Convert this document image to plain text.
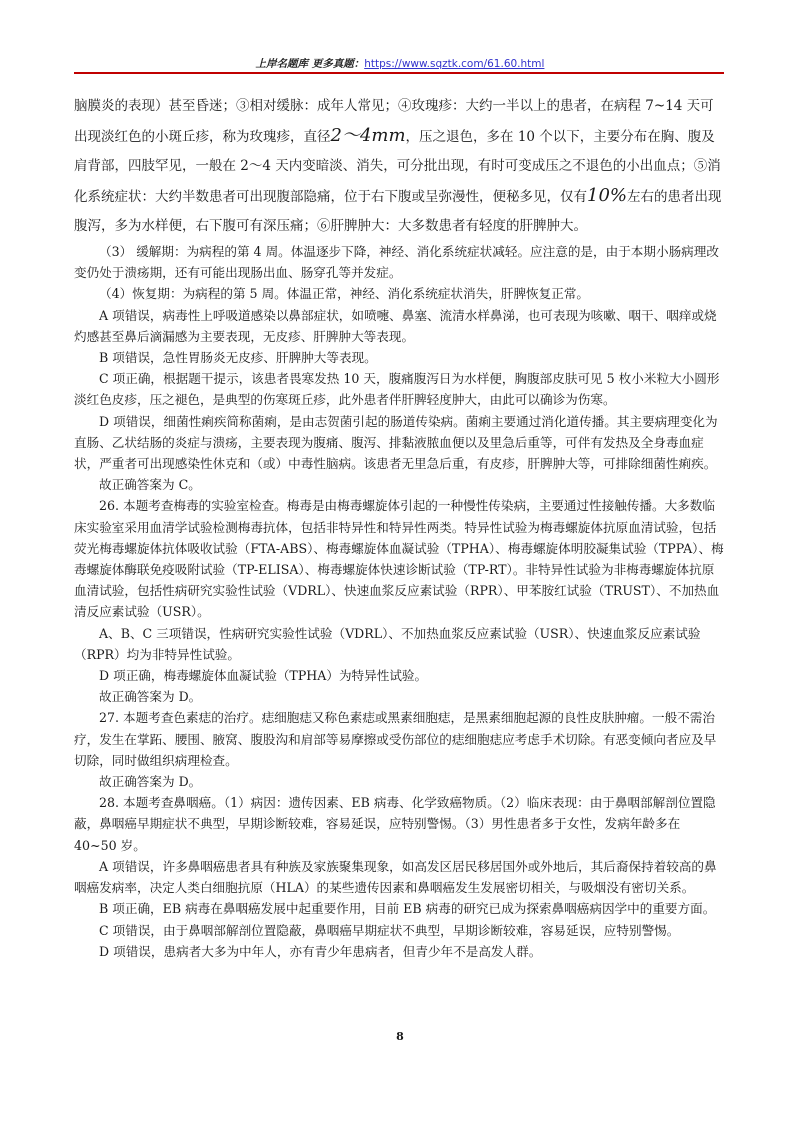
上岸名题库 更多真题：https://www.sqztk.com/61.60.html

脑膜炎的表现）甚至昏迷；③相对缓脉：成年人常见；④玫瑰疹：大约一半以上的患者，在病程 7~14 天可出现淡红色的小斑丘疹，称为玫瑰疹，直径2～4mm，压之退色，多在 10 个以下，主要分布在胸、腹及肩背部，四肢罕见，一般在 2～4 天内变暗淡、消失，可分批出现，有时可变成压之不退色的小出血点；⑤消化系统症状：大约半数患者可出现腹部隐痛，位于右下腹或呈弥漫性，便秘多见，仅有10%左右的患者出现腹泻，多为水样便，右下腹可有深压痛；⑥肝脾肿大：大多数患者有轻度的肝脾肿大。

（3） 缓解期：为病程的第 4 周。体温逐步下降，神经、消化系统症状减轻。应注意的是，由于本期小肠病理改变仍处于溃疡期，还有可能出现肠出血、肠穿孔等并发症。

（4）恢复期：为病程的第 5 周。体温正常，神经、消化系统症状消失，肝脾恢复正常。

A 项错误，病毒性上呼吸道感染以鼻部症状，如喷嚏、鼻塞、流清水样鼻涕，也可表现为咳嗽、咽干、咽痒或烧灼感甚至鼻后滴漏感为主要表现，无皮疹、肝脾肿大等表现。

B 项错误，急性胃肠炎无皮疹、肝脾肿大等表现。

C 项正确，根据题干提示，该患者畏寒发热 10 天，腹痛腹泻日为水样便，胸腹部皮肤可见 5 枚小米粒大小圆形淡红色皮疹，压之褪色，是典型的伤寒斑丘疹，此外患者伴肝脾轻度肿大，由此可以确诊为伤寒。

D 项错误，细菌性痢疾简称菌痢，是由志贺菌引起的肠道传染病。菌痢主要通过消化道传播。其主要病理变化为直肠、乙状结肠的炎症与溃疡，主要表现为腹痛、腹泻、排黏液脓血便以及里急后重等，可伴有发热及全身毒血症状，严重者可出现感染性休克和（或）中毒性脑病。该患者无里急后重，有皮疹，肝脾肿大等，可排除细菌性痢疾。

故正确答案为 C。

26. 本题考查梅毒的实验室检查。梅毒是由梅毒螺旋体引起的一种慢性传染病，主要通过性接触传播。大多数临床实验室采用血清学试验检测梅毒抗体，包括非特异性和特异性两类。特异性试验为梅毒螺旋体抗原血清试验，包括荧光梅毒螺旋体抗体吸收试验（FTA-ABS）、梅毒螺旋体血凝试验（TPHA）、梅毒螺旋体明胶凝集试验（TPPA）、梅毒螺旋体酶联免疫吸附试验（TP-ELISA）、梅毒螺旋体快速诊断试验（TP-RT）。非特异性试验为非梅毒螺旋体抗原血清试验，包括性病研究实验性试验（VDRL）、快速血浆反应素试验（RPR）、甲苯胺红试验（TRUST）、不加热血清反应素试验（USR）。

A、B、C 三项错误，性病研究实验性试验（VDRL）、不加热血浆反应素试验（USR）、快速血浆反应素试验（RPR）均为非特异性试验。

D 项正确，梅毒螺旋体血凝试验（TPHA）为特异性试验。

故正确答案为 D。

27. 本题考查色素痣的治疗。痣细胞痣又称色素痣或黑素细胞痣，是黑素细胞起源的良性皮肤肿瘤。一般不需治疗，发生在掌跖、腰围、腋窝、腹股沟和肩部等易摩擦或受伤部位的痣细胞痣应考虑手术切除。有恶变倾向者应及早切除，同时做组织病理检查。

故正确答案为 D。

28. 本题考查鼻咽癌。（1）病因：遗传因素、EB 病毒、化学致癌物质。（2）临床表现：由于鼻咽部解剖位置隐蔽，鼻咽癌早期症状不典型，早期诊断较难，容易延误，应特别警惕。（3）男性患者多于女性，发病年龄多在 40~50 岁。

A 项错误，许多鼻咽癌患者具有种族及家族聚集现象，如高发区居民移居国外或外地后，其后裔保持着较高的鼻咽癌发病率，决定人类白细胞抗原（HLA）的某些遗传因素和鼻咽癌发生发展密切相关，与吸烟没有密切关系。

B 项正确，EB 病毒在鼻咽癌发展中起重要作用，目前 EB 病毒的研究已成为探索鼻咽癌病因学中的重要方面。

C 项错误，由于鼻咽部解剖位置隐蔽，鼻咽癌早期症状不典型，早期诊断较难，容易延误，应特别警惕。

D 项错误，患病者大多为中年人，亦有青少年患病者，但青少年不是高发人群。

8
